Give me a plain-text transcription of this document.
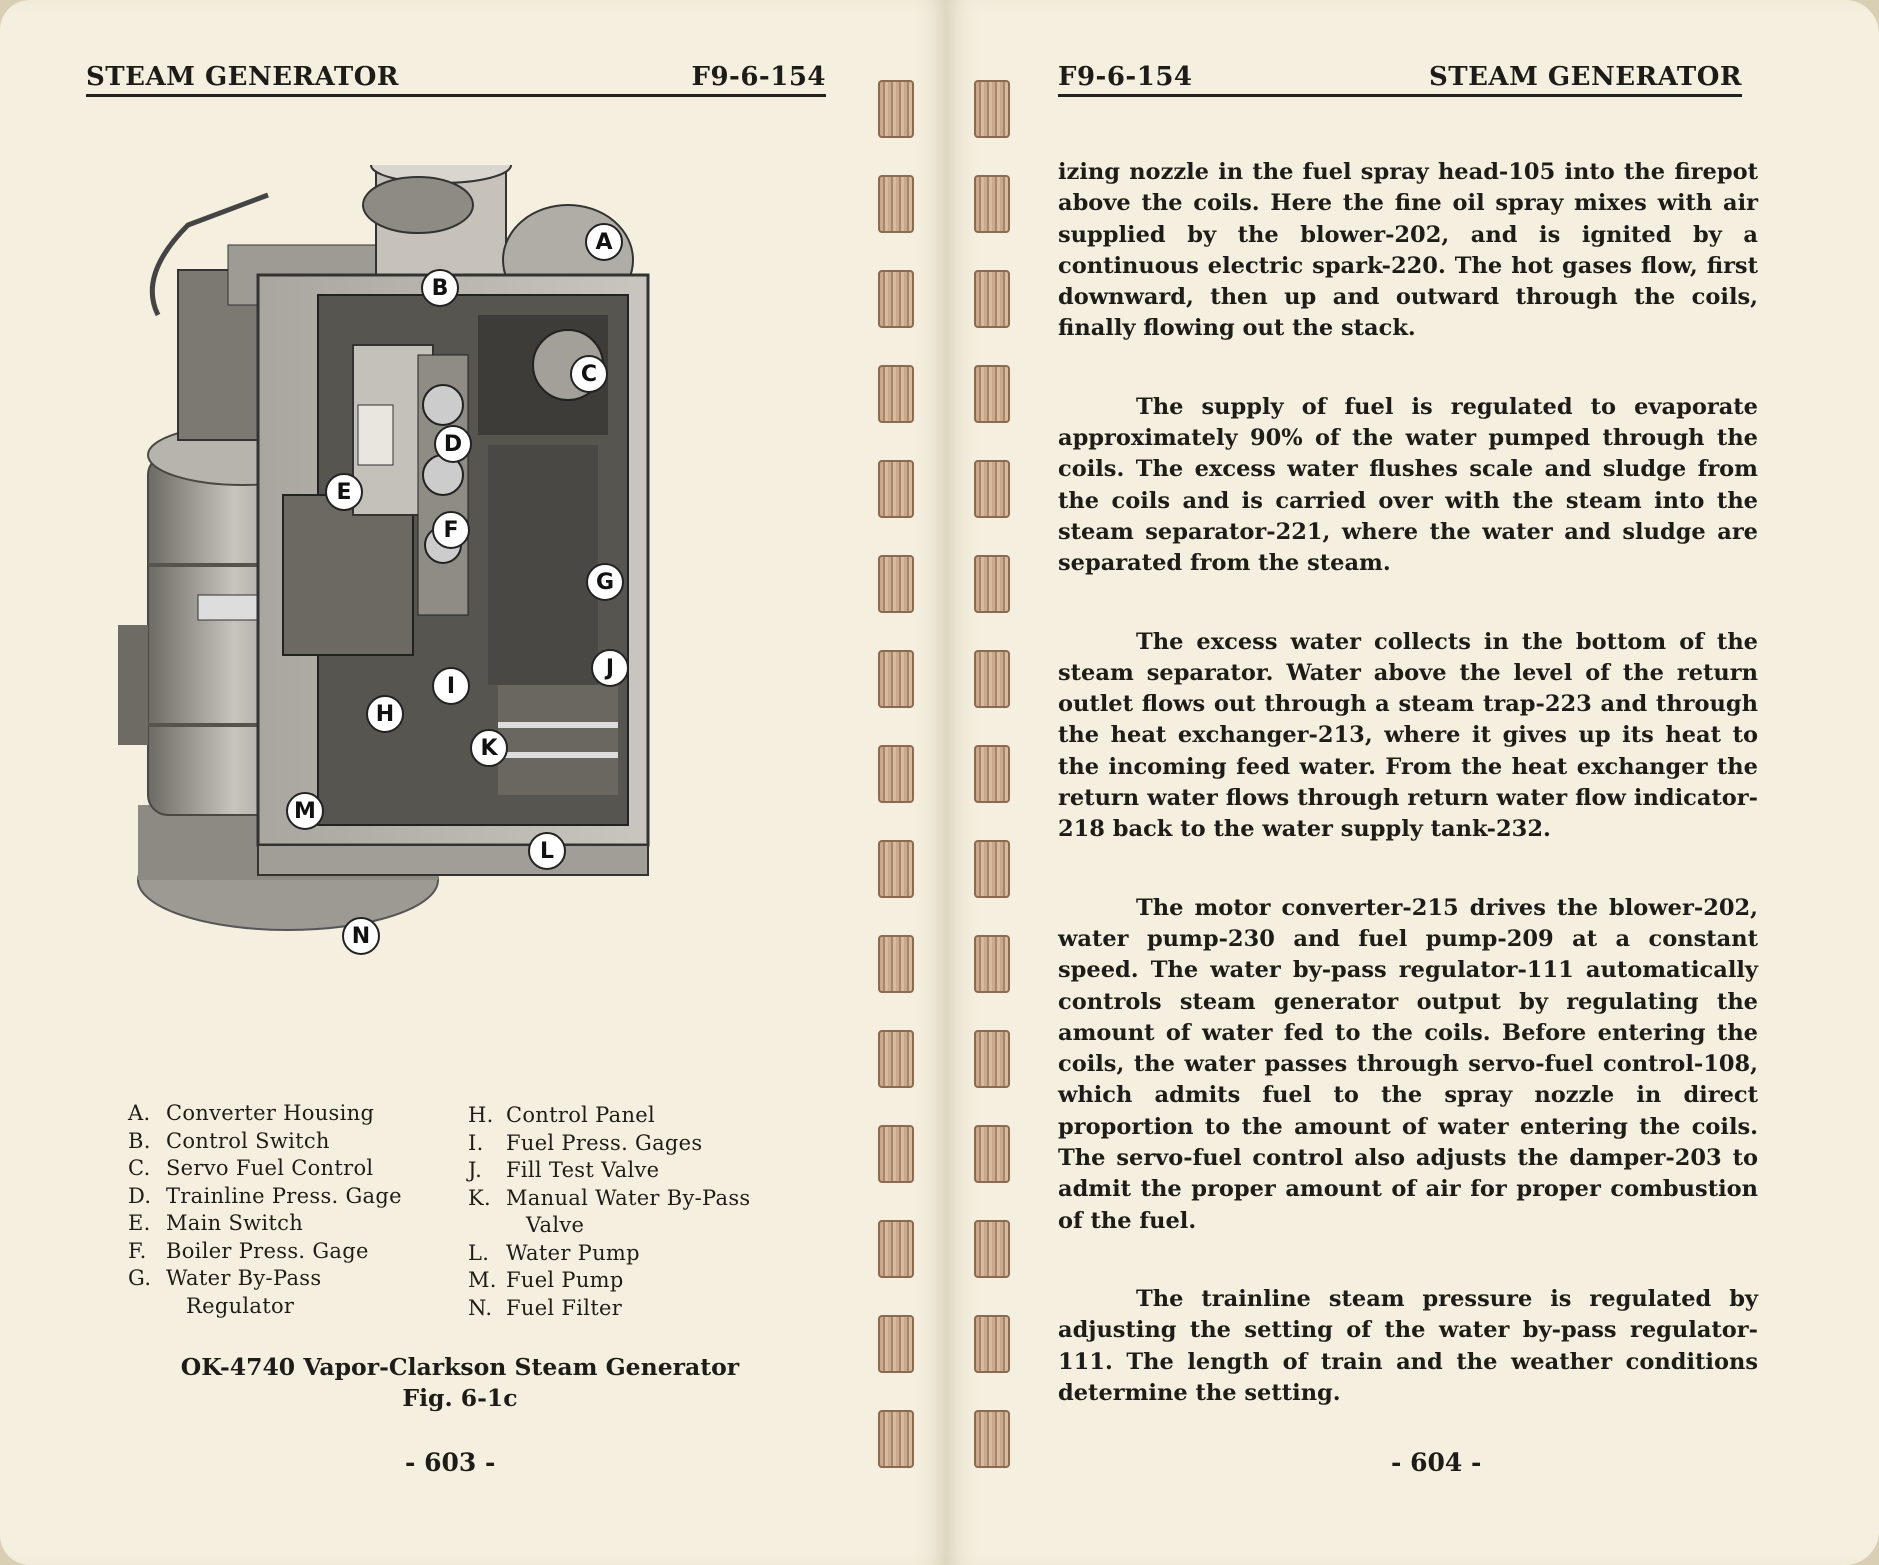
STEAM GENERATOR	F9-6-154
A
B
C
D
E
F
G
H
I
J
K
L
M
N
A. Converter Housing
B. Control Switch
C. Servo Fuel Control
D. Trainline Press. Gage
E. Main Switch
F. Boiler Press. Gage
G. Water By-Pass
Regulator
H. Control Panel
I. Fuel Press. Gages
J. Fill Test Valve
K. Manual Water By-Pass
Valve
L. Water Pump
M. Fuel Pump
N. Fuel Filter
OK-4740 Vapor-Clarkson Steam Generator
Fig. 6-1c
- 603 -
F9-6-154	STEAM GENERATOR

izing nozzle in the fuel spray head-105 into the firepot above the coils. Here the fine oil spray mixes with air supplied by the blower-202, and is ignited by a continuous electric spark-220. The hot gases flow, first downward, then up and outward through the coils, finally flowing out the stack.

The supply of fuel is regulated to evaporate approximately 90% of the water pumped through the coils. The excess water flushes scale and sludge from the coils and is carried over with the steam into the steam separator-221, where the water and sludge are separated from the steam.

The excess water collects in the bottom of the steam separator. Water above the level of the return outlet flows out through a steam trap-223 and through the heat exchanger-213, where it gives up its heat to the incoming feed water. From the heat exchanger the return water flows through return water flow indicator-218 back to the water supply tank-232.

The motor converter-215 drives the blower-202, water pump-230 and fuel pump-209 at a constant speed. The water by-pass regulator-111 automatically controls steam generator output by regulating the amount of water fed to the coils. Before entering the coils, the water passes through servo-fuel control-108, which admits fuel to the spray nozzle in direct proportion to the amount of water entering the coils. The servo-fuel control also adjusts the damper-203 to admit the proper amount of air for proper combustion of the fuel.

The trainline steam pressure is regulated by adjusting the setting of the water by-pass regulator-111. The length of train and the weather conditions determine the setting.

- 604 -
